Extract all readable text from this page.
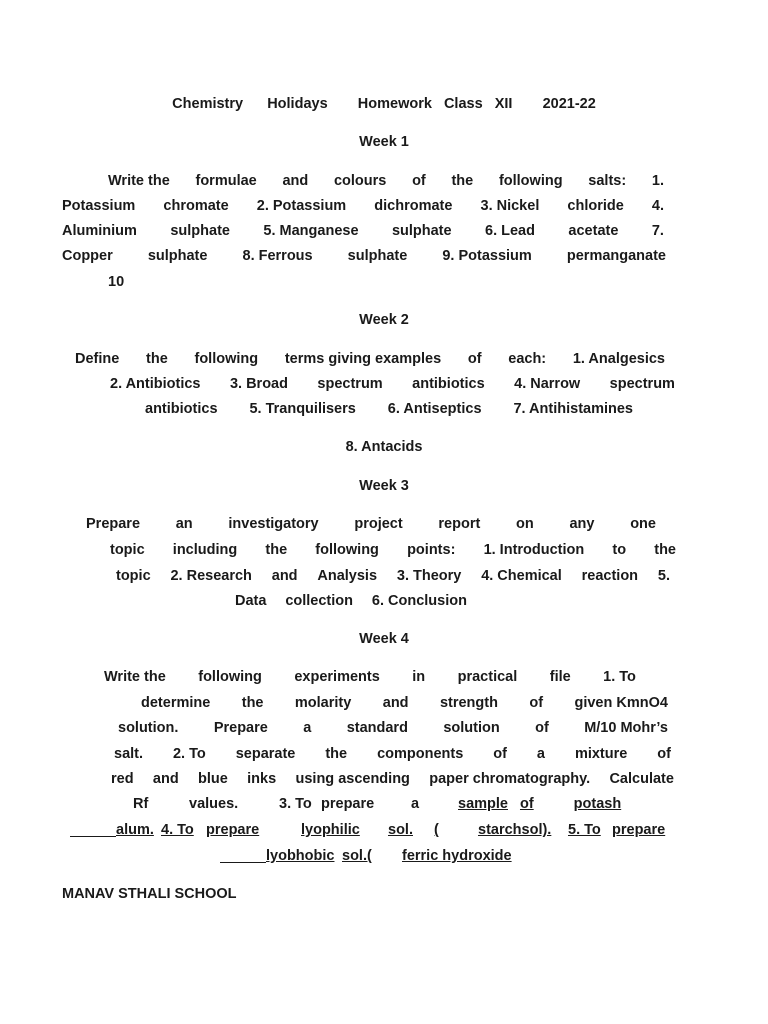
Chemistry    Holidays     Homework  Class  XII     2021-22
Week 1
Write the formulae and colours of the following salts: 1.
Potassium chromate 2. Potassium dichromate 3. Nickel chloride 4.
Aluminium sulphate 5. Manganese sulphate 6. Lead acetate 7.
Copper sulphate 8. Ferrous sulphate 9. Potassium permanganate
10
Week 2
Define the following terms giving examples of each: 1. Analgesics
2. Antibiotics 3. Broad spectrum antibiotics 4. Narrow spectrum
antibiotics 5. Tranquilisers 6. Antiseptics 7. Antihistamines
8. Antacids
Week 3
Prepare an investigatory project report on any one
topic including the following points: 1. Introduction to the
topic 2. Research and Analysis 3. Theory 4. Chemical reaction 5.
Data collection 6. Conclusion
Week 4
Write the following experiments in practical file 1. To
determine the molarity and strength of given KmnO4
solution. Prepare a standard solution of M/10 Mohr’s
salt. 2. To separate the components of a mixture of
red and blue inks using ascending paper chromatography. Calculate
Rf	values.	3. To prepare	a	sample of	potash
alum. 4. To prepare	lyophilic	sol.	(	starchsol).	5. To prepare
lyobhobic sol.(	ferric hydroxide
MANAV STHALI SCHOOL
